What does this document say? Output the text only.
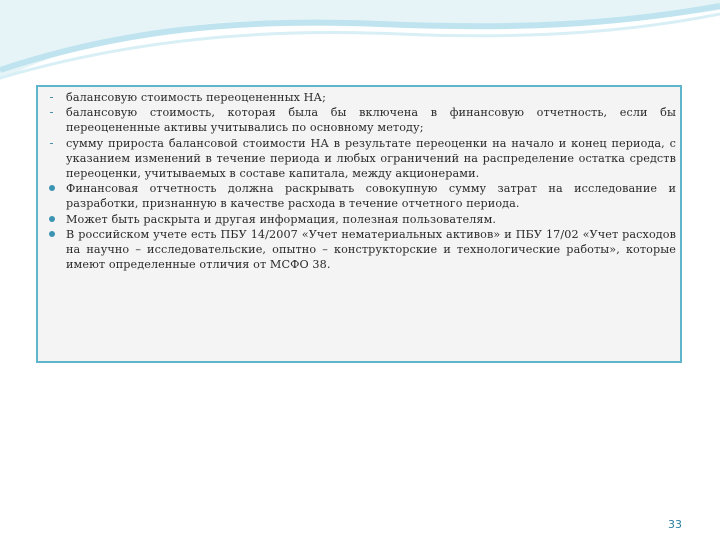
балансовую стоимость переоцененных НА;
балансовую стоимость, которая была бы включена в финансовую отчетность, если бы переоцененные активы учитывались по основному методу;
сумму прироста балансовой стоимости НА в результате переоценки на начало и конец периода, с указанием изменений в течение периода и любых ограничений на распределение остатка средств переоценки, учитываемых в составе капитала, между акционерами.
Финансовая отчетность должна раскрывать совокупную сумму затрат на исследование и разработки, признанную в качестве расхода в течение отчетного периода.
Может быть раскрыта и другая информация, полезная пользователям.
В российском учете есть ПБУ 14/2007 «Учет нематериальных активов» и ПБУ 17/02 «Учет расходов на научно – исследовательские, опытно – конструкторские и технологические работы», которые имеют определенные отличия от МСФО 38.
33
